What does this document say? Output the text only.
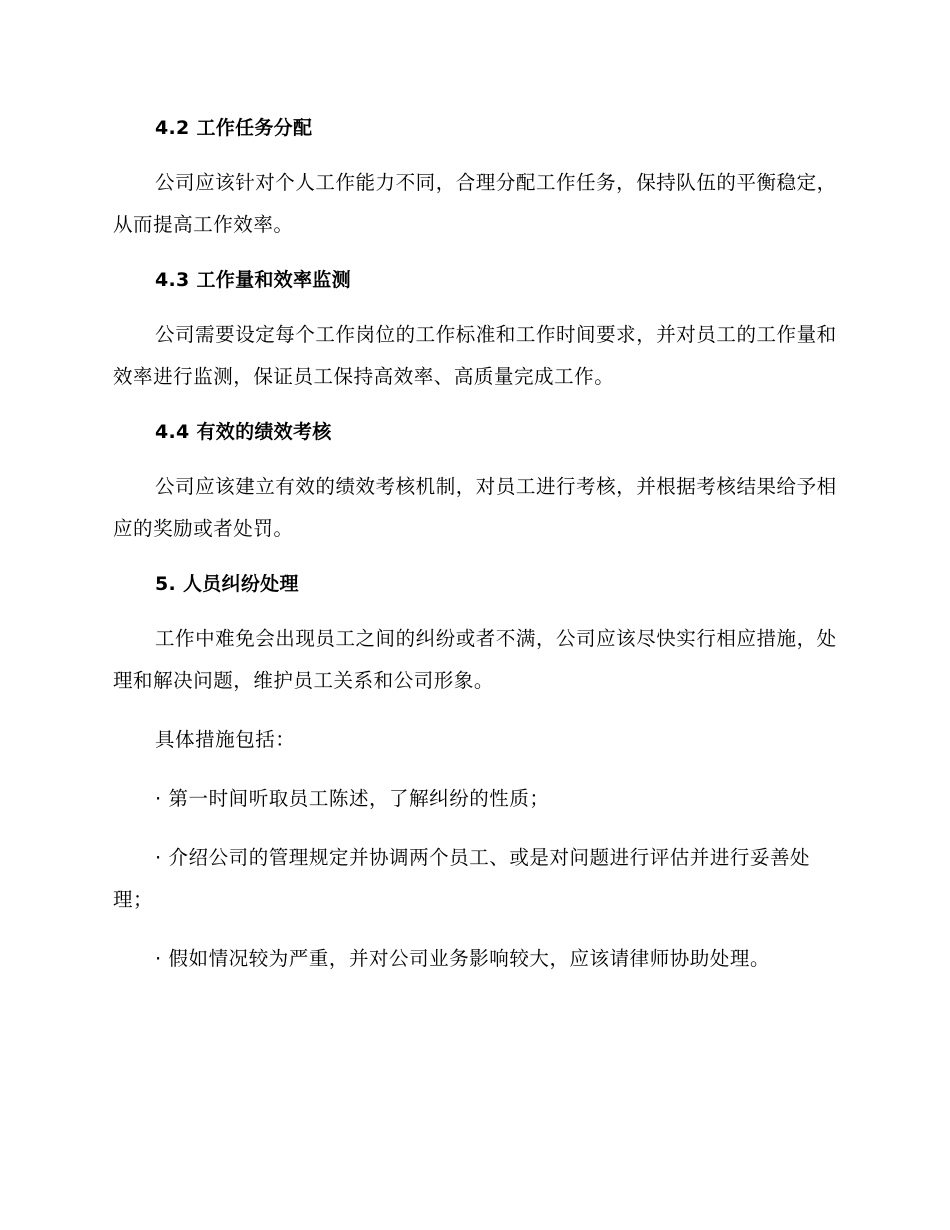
4.2 工作任务分配

公司应该针对个人工作能力不同，合理分配工作任务，保持队伍的平衡稳定，从而提高工作效率。

4.3 工作量和效率监测

公司需要设定每个工作岗位的工作标准和工作时间要求，并对员工的工作量和效率进行监测，保证员工保持高效率、高质量完成工作。

4.4 有效的绩效考核

公司应该建立有效的绩效考核机制，对员工进行考核，并根据考核结果给予相应的奖励或者处罚。

5. 人员纠纷处理

工作中难免会出现员工之间的纠纷或者不满，公司应该尽快实行相应措施，处理和解决问题，维护员工关系和公司形象。

具体措施包括：

· 第一时间听取员工陈述，了解纠纷的性质；

· 介绍公司的管理规定并协调两个员工、或是对问题进行评估并进行妥善处理；

· 假如情况较为严重，并对公司业务影响较大，应该请律师协助处理。
